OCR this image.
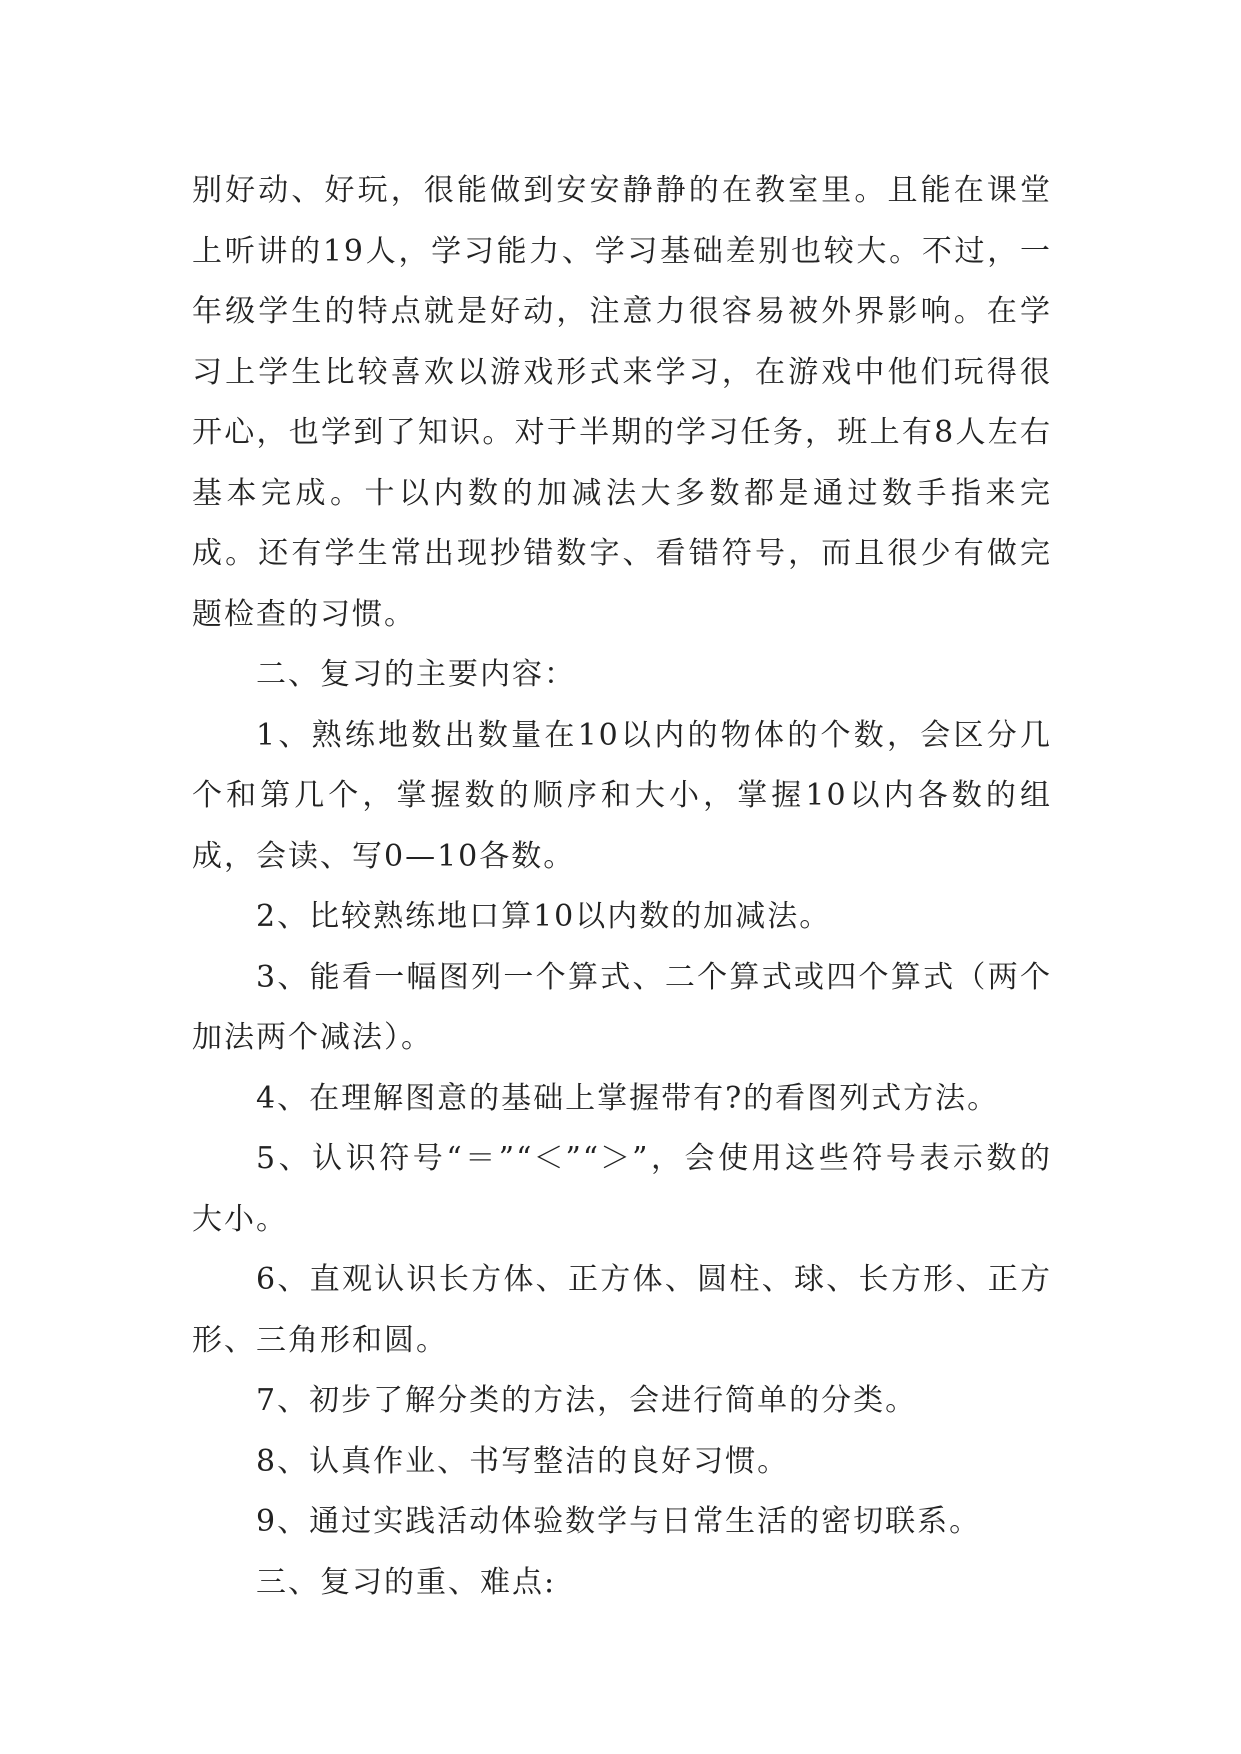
别好动、好玩，很能做到安安静静的在教室里。且能在课堂上听讲的19人，学习能力、学习基础差别也较大。不过，一年级学生的特点就是好动，注意力很容易被外界影响。在学习上学生比较喜欢以游戏形式来学习，在游戏中他们玩得很开心，也学到了知识。对于半期的学习任务，班上有8人左右基本完成。十以内数的加减法大多数都是通过数手指来完成。还有学生常出现抄错数字、看错符号，而且很少有做完题检查的习惯。

二、复习的主要内容：

1、熟练地数出数量在10以内的物体的个数，会区分几个和第几个，掌握数的顺序和大小，掌握10以内各数的组成，会读、写0—10各数。

2、比较熟练地口算10以内数的加减法。

3、能看一幅图列一个算式、二个算式或四个算式（两个加法两个减法）。

4、在理解图意的基础上掌握带有?的看图列式方法。

5、认识符号“＝”“＜”“＞”，会使用这些符号表示数的大小。

6、直观认识长方体、正方体、圆柱、球、长方形、正方形、三角形和圆。

7、初步了解分类的方法，会进行简单的分类。

8、认真作业、书写整洁的良好习惯。

9、通过实践活动体验数学与日常生活的密切联系。

三、复习的重、难点:
